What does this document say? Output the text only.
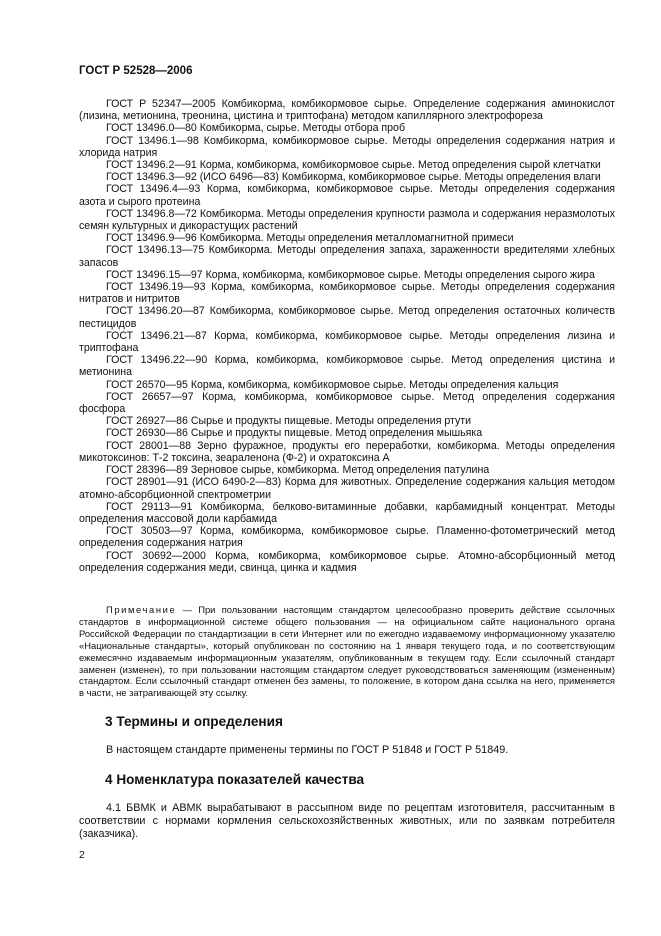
ГОСТ Р 52528—2006

ГОСТ Р 52347—2005 Комбикорма, комбикормовое сырье. Определение содержания аминокислот (лизина, метионина, треонина, цистина и триптофана) методом капиллярного электрофореза

ГОСТ 13496.0—80 Комбикорма, сырье. Методы отбора проб

ГОСТ 13496.1—98 Комбикорма, комбикормовое сырье. Методы определения содержания натрия и хлорида натрия

ГОСТ 13496.2—91 Корма, комбикорма, комбикормовое сырье. Метод определения сырой клетчатки

ГОСТ 13496.3—92 (ИСО 6496—83) Комбикорма, комбикормовое сырье. Методы определения влаги

ГОСТ 13496.4—93 Корма, комбикорма, комбикормовое сырье. Методы определения содержания азота и сырого протеина

ГОСТ 13496.8—72 Комбикорма. Методы определения крупности размола и содержания неразмолотых семян культурных и дикорастущих растений

ГОСТ 13496.9—96 Комбикорма. Методы определения металломагнитной примеси

ГОСТ 13496.13—75 Комбикорма. Методы определения запаха, зараженности вредителями хлебных запасов

ГОСТ 13496.15—97 Корма, комбикорма, комбикормовое сырье. Методы определения сырого жира

ГОСТ 13496.19—93 Корма, комбикорма, комбикормовое сырье. Методы определения содержания нитратов и нитритов

ГОСТ 13496.20—87 Комбикорма, комбикормовое сырье. Метод определения остаточных количеств пестицидов

ГОСТ 13496.21—87 Корма, комбикорма, комбикормовое сырье. Методы определения лизина и триптофана

ГОСТ 13496.22—90 Корма, комбикорма, комбикормовое сырье. Метод определения цистина и метионина

ГОСТ 26570—95 Корма, комбикорма, комбикормовое сырье. Методы определения кальция

ГОСТ 26657—97 Корма, комбикорма, комбикормовое сырье. Метод определения содержания фосфора

ГОСТ 26927—86 Сырье и продукты пищевые. Методы определения ртути

ГОСТ 26930—86 Сырье и продукты пищевые. Метод определения мышьяка

ГОСТ 28001—88 Зерно фуражное, продукты его переработки, комбикорма. Методы определения микотоксинов: Т-2 токсина, зеараленона (Ф-2) и охратоксина А

ГОСТ 28396—89 Зерновое сырье, комбикорма. Метод определения патулина

ГОСТ 28901—91 (ИСО 6490-2—83) Корма для животных. Определение содержания кальция методом атомно-абсорбционной спектрометрии

ГОСТ 29113—91 Комбикорма, белково-витаминные добавки, карбамидный концентрат. Методы определения массовой доли карбамида

ГОСТ 30503—97 Корма, комбикорма, комбикормовое сырье. Пламенно-фотометрический метод определения содержания натрия

ГОСТ 30692—2000 Корма, комбикорма, комбикормовое сырье. Атомно-абсорбционный метод определения содержания меди, свинца, цинка и кадмия

Примечание — При пользовании настоящим стандартом целесообразно проверить действие ссылочных стандартов в информационной системе общего пользования — на официальном сайте национального органа Российской Федерации по стандартизации в сети Интернет или по ежегодно издаваемому информационному указателю «Национальные стандарты», который опубликован по состоянию на 1 января текущего года, и по соответствующим ежемесячно издаваемым информационным указателям, опубликованным в текущем году. Если ссылочный стандарт заменен (изменен), то при пользовании настоящим стандартом следует руководствоваться заменяющим (измененным) стандартом. Если ссылочный стандарт отменен без замены, то положение, в котором дана ссылка на него, применяется в части, не затрагивающей эту ссылку.

3 Термины и определения

В настоящем стандарте применены термины по ГОСТ Р 51848 и ГОСТ Р 51849.

4 Номенклатура показателей качества

4.1 БВМК и АВМК вырабатывают в рассыпном виде по рецептам изготовителя, рассчитанным в соответствии с нормами кормления сельскохозяйственных животных, или по заявкам потребителя (заказчика).

2
